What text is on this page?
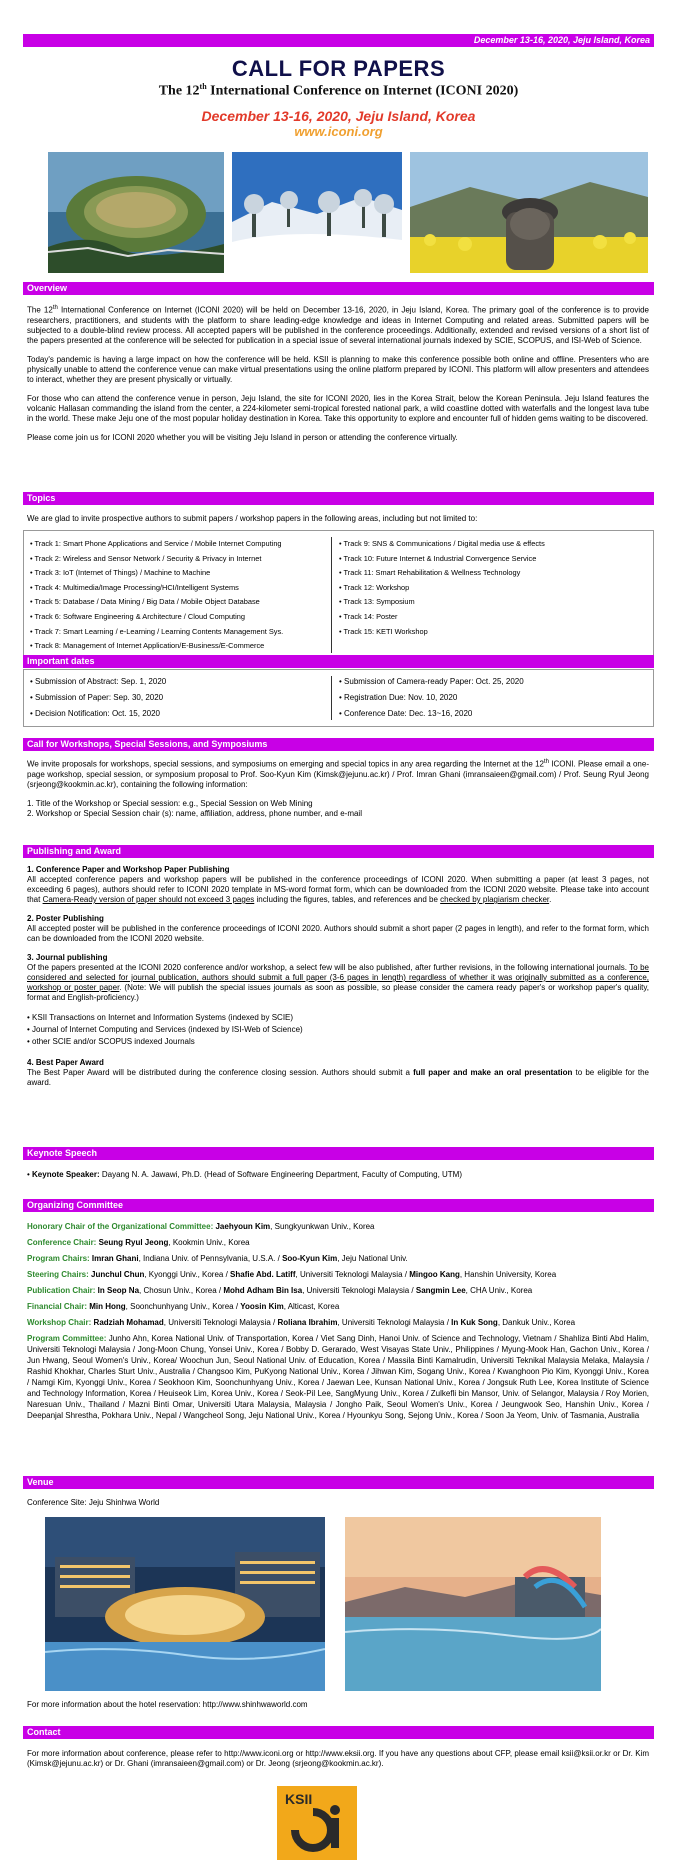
December 13-16, 2020, Jeju Island, Korea
CALL FOR PAPERS
The 12th International Conference on Internet (ICONI 2020)
December 13-16, 2020, Jeju Island, Korea
www.iconi.org
Overview

The 12th International Conference on Internet (ICONI 2020) will be held on December 13-16, 2020, in Jeju Island, Korea. The primary goal of the conference is to provide researchers, practitioners, and students with the platform to share leading-edge knowledge and ideas in Internet Computing and related areas. Submitted papers will be subjected to a double-blind review process. All accepted papers will be published in the conference proceedings. Additionally, extended and revised versions of a short list of the papers presented at the conference will be selected for publication in a special issue of several international journals indexed by SCIE, SCOPUS, and ISI-Web of Science.

Today's pandemic is having a large impact on how the conference will be held. KSII is planning to make this conference possible both online and offline. Presenters who are physically unable to attend the conference venue can make virtual presentations using the online platform prepared by ICONI. This platform will allow presenters and attendees to interact, whether they are present physically or virtually.

For those who can attend the conference venue in person, Jeju Island, the site for ICONI 2020, lies in the Korea Strait, below the Korean Peninsula. Jeju Island features the volcanic Hallasan commanding the island from the center, a 224-kilometer semi-tropical forested national park, a wild coastline dotted with waterfalls and the longest lava tube in the world. These make Jeju one of the most popular holiday destination in Korea. Take this opportunity to explore and encounter full of hidden gems waiting to be discovered.

Please come join us for ICONI 2020 whether you will be visiting Jeju Island in person or attending the conference virtually.

Topics
We are glad to invite prospective authors to submit papers / workshop papers in the following areas, including but not limited to:
• Track 1: Smart Phone Applications and Service / Mobile Internet Computing
• Track 2: Wireless and Sensor Network / Security & Privacy in Internet
• Track 3: IoT (Internet of Things) / Machine to Machine
• Track 4: Multimedia/Image Processing/HCI/Intelligent Systems
• Track 5: Database / Data Mining / Big Data / Mobile Object Database
• Track 6: Software Engineering & Architecture / Cloud Computing
• Track 7: Smart Learning / e-Learning / Learning Contents Management Sys.
• Track 8: Management of Internet Application/E-Business/E-Commerce
• Track 9: SNS & Communications / Digital media use & effects
• Track 10: Future Internet & Industrial Convergence Service
• Track 11: Smart Rehabilitation & Wellness Technology
• Track 12: Workshop
• Track 13: Symposium
• Track 14: Poster
• Track 15: KETI Workshop
Important dates
• Submission of Abstract: Sep. 1, 2020
• Submission of Paper: Sep. 30, 2020
• Decision Notification: Oct. 15, 2020
• Submission of Camera-ready Paper: Oct. 25, 2020
• Registration Due: Nov. 10, 2020
• Conference Date: Dec. 13~16, 2020
Call for Workshops, Special Sessions, and Symposiums

We invite proposals for workshops, special sessions, and symposiums on emerging and special topics in any area regarding the Internet at the 12th ICONI. Please email a one-page workshop, special session, or symposium proposal to Prof. Soo-Kyun Kim (Kimsk@jejunu.ac.kr) / Prof. Imran Ghani (imransaieen@gmail.com) / Prof. Seung Ryul Jeong (srjeong@kookmin.ac.kr), containing the following information:

1. Title of the Workshop or Special session: e.g., Special Session on Web Mining
2. Workshop or Special Session chair (s): name, affiliation, address, phone number, and e-mail
Publishing and Award
1. Conference Paper and Workshop Paper Publishing

All accepted conference papers and workshop papers will be published in the conference proceedings of ICONI 2020. When submitting a paper (at least 3 pages, not exceeding 6 pages), authors should refer to ICONI 2020 template in MS-word format form, which can be downloaded from the ICONI 2020 website. Please take into account that Camera-Ready version of paper should not exceed 3 pages including the figures, tables, and references and be checked by plagiarism checker.

2. Poster Publishing

All accepted poster will be published in the conference proceedings of ICONI 2020. Authors should submit a short paper (2 pages in length), and refer to the format form, which can be downloaded from the ICONI 2020 website.

3. Journal publishing

Of the papers presented at the ICONI 2020 conference and/or workshop, a select few will be also published, after further revisions, in the following international journals. To be considered and selected for journal publication, authors should submit a full paper (3-6 pages in length) regardless of whether it was originally submitted as a conference, workshop or poster paper. (Note: We will publish the special issues journals as soon as possible, so please consider the camera ready paper's or workshop paper's quality, format and English-proficiency.)

• KSII Transactions on Internet and Information Systems (indexed by SCIE)
• Journal of Internet Computing and Services (indexed by ISI-Web of Science)
• other SCIE and/or SCOPUS indexed Journals
4. Best Paper Award

The Best Paper Award will be distributed during the conference closing session. Authors should submit a full paper and make an oral presentation to be eligible for the award.

Keynote Speech
• Keynote Speaker: Dayang N. A. Jawawi, Ph.D. (Head of Software Engineering Department, Faculty of Computing, UTM)
Organizing Committee

Honorary Chair of the Organizational Committee: Jaehyoun Kim, Sungkyunkwan Univ., Korea

Conference Chair: Seung Ryul Jeong, Kookmin Univ., Korea

Program Chairs: Imran Ghani, Indiana Univ. of Pennsylvania, U.S.A. / Soo-Kyun Kim, Jeju National Univ.

Steering Chairs: Junchul Chun, Kyonggi Univ., Korea / Shafie Abd. Latiff, Universiti Teknologi Malaysia / Mingoo Kang, Hanshin University, Korea

Publication Chair: In Seop Na, Chosun Univ., Korea / Mohd Adham Bin Isa, Universiti Teknologi Malaysia / Sangmin Lee, CHA Univ., Korea

Financial Chair: Min Hong, Soonchunhyang Univ., Korea / Yoosin Kim, Alticast, Korea

Workshop Chair: Radziah Mohamad, Universiti Teknologi Malaysia / Roliana Ibrahim, Universiti Teknologi Malaysia / In Kuk Song, Dankuk Univ., Korea

Program Committee: Junho Ahn, Korea National Univ. of Transportation, Korea / Viet Sang Dinh, Hanoi Univ. of Science and Technology, Vietnam / Shahliza Binti Abd Halim, Universiti Teknologi Malaysia / Jong-Moon Chung, Yonsei Univ., Korea / Bobby D. Gerarado, West Visayas State Univ., Philippines / Myung-Mook Han, Gachon Univ., Korea / Jun Hwang, Seoul Women's Univ., Korea/ Woochun Jun, Seoul National Univ. of Education, Korea / Massila Binti Kamalrudin, Universiti Teknikal Malaysia Melaka, Malaysia / Rashid Khokhar, Charles Sturt Univ., Australia / Changsoo Kim, PuKyong National Univ., Korea / Jihwan Kim, Sogang Univ., Korea / Kwanghoon Pio Kim, Kyonggi Univ., Korea / Namgi Kim, Kyonggi Univ., Korea / Seokhoon Kim, Soonchunhyang Univ., Korea / Jaewan Lee, Kunsan National Univ., Korea / Jongsuk Ruth Lee, Korea Institute of Science and Technology Information, Korea / Heuiseok Lim, Korea Univ., Korea / Seok-Pil Lee, SangMyung Univ., Korea / Zulkefli bin Mansor, Univ. of Selangor, Malaysia / Roy Morien, Naresuan Univ., Thailand / Mazni Binti Omar, Universiti Utara Malaysia, Malaysia / Jongho Paik, Seoul Women's Univ., Korea / Jeungwook Seo, Hanshin Univ., Korea / Deepanjal Shrestha, Pokhara Univ., Nepal / Wangcheol Song, Jeju National Univ., Korea / Hyounkyu Song, Sejong Univ., Korea / Soon Ja Yeom, Univ. of Tasmania, Australia

Venue
Conference Site: Jeju Shinhwa World
For more information about the hotel reservation: http://www.shinhwaworld.com
Contact
For more information about conference, please refer to http://www.iconi.org or http://www.eksii.org. If you have any questions about CFP, please email ksii@ksii.or.kr or Dr. Kim (Kimsk@jejunu.ac.kr) or Dr. Ghani (imransaieen@gmail.com) or Dr. Jeong (srjeong@kookmin.ac.kr).
KSII
